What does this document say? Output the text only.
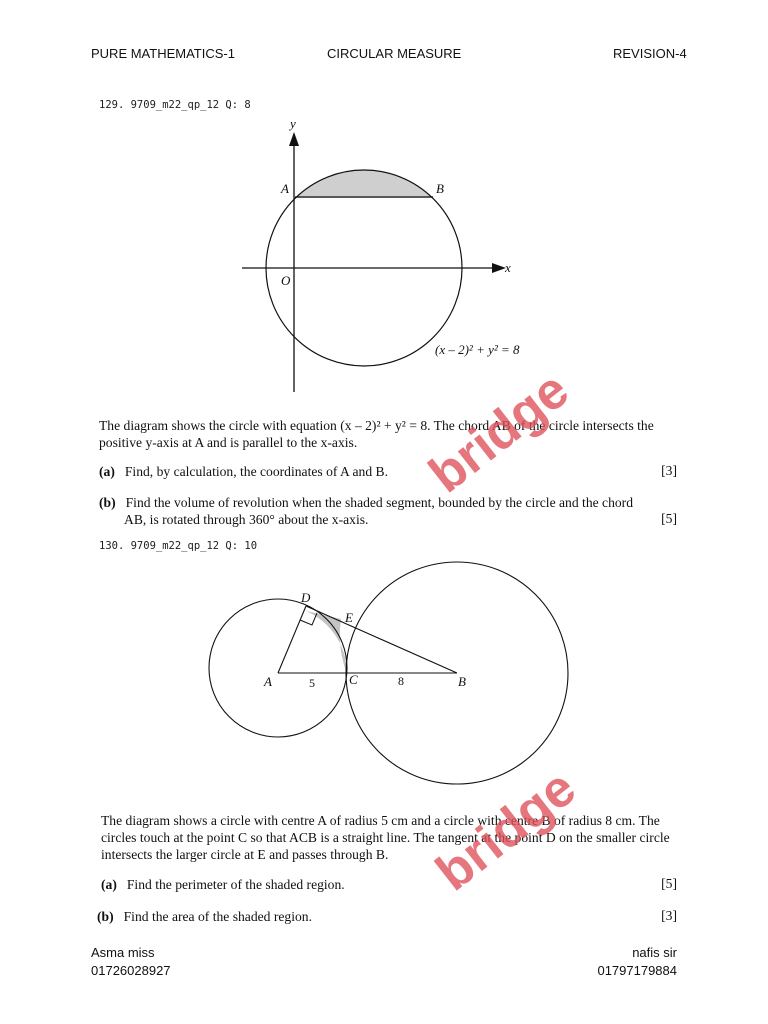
PURE MATHEMATICS-1	CIRCULAR MEASURE	REVISION-4
129. 9709_m22_qp_12 Q: 8
y
x
A	B
O
(x – 2)² + y² = 8
The diagram shows the circle with equation (x – 2)² + y² = 8. The chord AB of the circle intersects the positive y-axis at A and is parallel to the x-axis.
(a) Find, by calculation, the coordinates of A and B.	[3]
(b) Find the volume of revolution when the shaded segment, bounded by the circle and the chord
AB, is rotated through 360° about the x-axis.	[5]
130. 9709_m22_qp_12 Q: 10
D
E
A	C	B
5	8
The diagram shows a circle with centre A of radius 5 cm and a circle with centre B of radius 8 cm. The circles touch at the point C so that ACB is a straight line. The tangent at the point D on the smaller circle intersects the larger circle at E and passes through B.
(a) Find the perimeter of the shaded region.	[5]
(b) Find the area of the shaded region.	[3]
bridge
bridge
Asma miss
01726028927
nafis sir
01797179884
